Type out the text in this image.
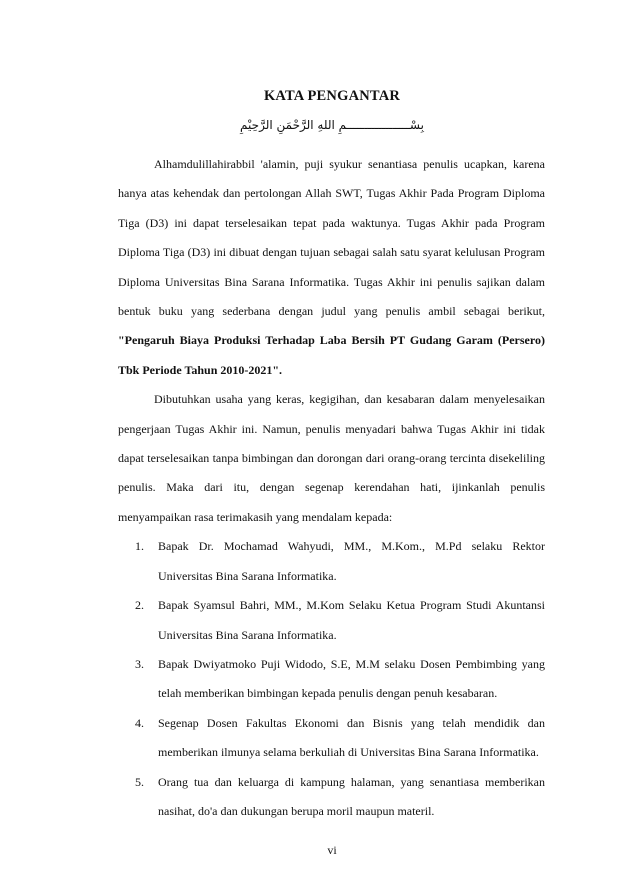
KATA PENGANTAR
بِسْــــــــــــــــــمِ اللهِ الرَّحْمَنِ الرَّحِيْمِ

Alhamdulillahirabbil 'alamin, puji syukur senantiasa penulis ucapkan, karena hanya atas kehendak dan pertolongan Allah SWT, Tugas Akhir Pada Program Diploma Tiga (D3) ini dapat terselesaikan tepat pada waktunya. Tugas Akhir pada Program Diploma Tiga (D3) ini dibuat dengan tujuan sebagai salah satu syarat kelulusan Program Diploma Universitas Bina Sarana Informatika. Tugas Akhir ini penulis sajikan dalam bentuk buku yang sederbana dengan judul yang penulis ambil sebagai berikut, "Pengaruh Biaya Produksi Terhadap Laba Bersih PT Gudang Garam (Persero) Tbk Periode Tahun 2010-2021".

Dibutuhkan usaha yang keras, kegigihan, dan kesabaran dalam menyelesaikan pengerjaan Tugas Akhir ini. Namun, penulis menyadari bahwa Tugas Akhir ini tidak dapat terselesaikan tanpa bimbingan dan dorongan dari orang-orang tercinta disekeliling penulis. Maka dari itu, dengan segenap kerendahan hati, ijinkanlah penulis menyampaikan rasa terimakasih yang mendalam kepada:

1. Bapak Dr. Mochamad Wahyudi, MM., M.Kom., M.Pd selaku Rektor Universitas Bina Sarana Informatika.
2. Bapak Syamsul Bahri, MM., M.Kom Selaku Ketua Program Studi Akuntansi Universitas Bina Sarana Informatika.
3. Bapak Dwiyatmoko Puji Widodo, S.E, M.M selaku Dosen Pembimbing yang telah memberikan bimbingan kepada penulis dengan penuh kesabaran.
4. Segenap Dosen Fakultas Ekonomi dan Bisnis yang telah mendidik dan memberikan ilmunya selama berkuliah di Universitas Bina Sarana Informatika.
5. Orang tua dan keluarga di kampung halaman, yang senantiasa memberikan nasihat, do'a dan dukungan berupa moril maupun materil.
vi
